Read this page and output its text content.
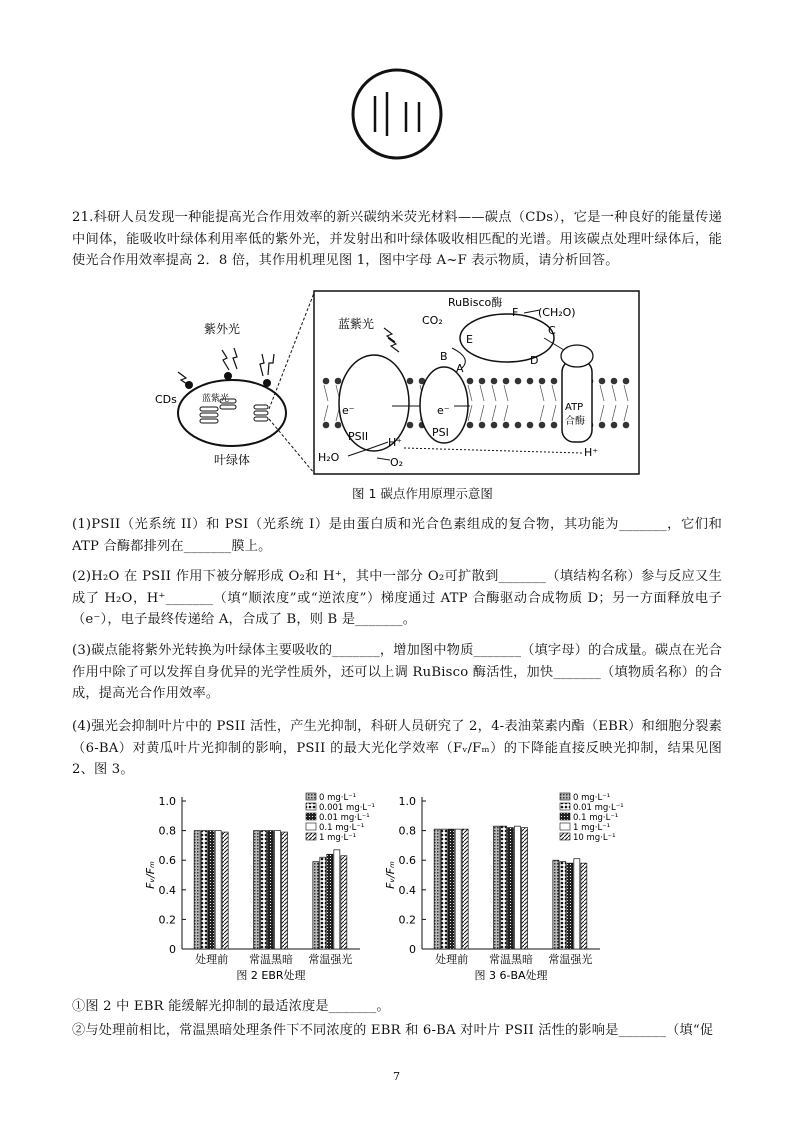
21.科研人员发现一种能提高光合作用效率的新兴碳纳米荧光材料——碳点（CDs），它是一种良好的能量传递中间体，能吸收叶绿体利用率低的紫外光，并发射出和叶绿体吸收相匹配的光谱。用该碳点处理叶绿体后，能使光合作用效率提高 2．8 倍，其作用机理见图 1，图中字母 A~F 表示物质，请分析回答。
紫外光
CDs
叶绿体
蓝紫光
蓝紫光
RuBisco酶
CO₂
(CH₂O)
F
E
C
B
A
D
e⁻	e⁻
PSII	PSI
ATP
合酶
H₂O	O₂
H⁺
H⁺
图 1 碳点作用原理示意图
(1)PSII（光系统 II）和 PSI（光系统 I）是由蛋白质和光合色素组成的复合物，其功能为_______，它们和 ATP 合酶都排列在_______膜上。
(2)H₂O 在 PSII 作用下被分解形成 O₂和 H⁺，其中一部分 O₂可扩散到_______（填结构名称）参与反应又生成了 H₂O，H⁺_______（填“顺浓度”或“逆浓度”）梯度通过 ATP 合酶驱动合成物质 D；另一方面释放电子（e⁻），电子最终传递给 A，合成了 B，则 B 是_______。
(3)碳点能将紫外光转换为叶绿体主要吸收的_______，增加图中物质_______（填字母）的合成量。碳点在光合作用中除了可以发挥自身优异的光学性质外，还可以上调 RuBisco 酶活性，加快_______（填物质名称）的合成，提高光合作用效率。
(4)强光会抑制叶片中的 PSII 活性，产生光抑制，科研人员研究了 2，4-表油菜素内酯（EBR）和细胞分裂素（6-BA）对黄瓜叶片光抑制的影响，PSII 的最大光化学效率（Fᵥ/Fₘ）的下降能直接反映光抑制，结果见图 2、图 3。
0
0.2
0.4
0.6
0.8
1.0
Fᵥ/Fₘ
处理前 常温黑暗 常温强光
0 mg·L⁻¹
0.001 mg·L⁻¹
0.01 mg·L⁻¹
0.1 mg·L⁻¹
1 mg·L⁻¹
图 2 EBR处理
0
0.2
0.4
0.6
0.8
1.0
Fᵥ/Fₘ
处理前 常温黑暗 常温强光
0 mg·L⁻¹
0.01 mg·L⁻¹
0.1 mg·L⁻¹
1 mg·L⁻¹
10 mg·L⁻¹
图 3 6-BA处理
①图 2 中 EBR 能缓解光抑制的最适浓度是_______。
②与处理前相比，常温黑暗处理条件下不同浓度的 EBR 和 6-BA 对叶片 PSII 活性的影响是_______（填“促
7
